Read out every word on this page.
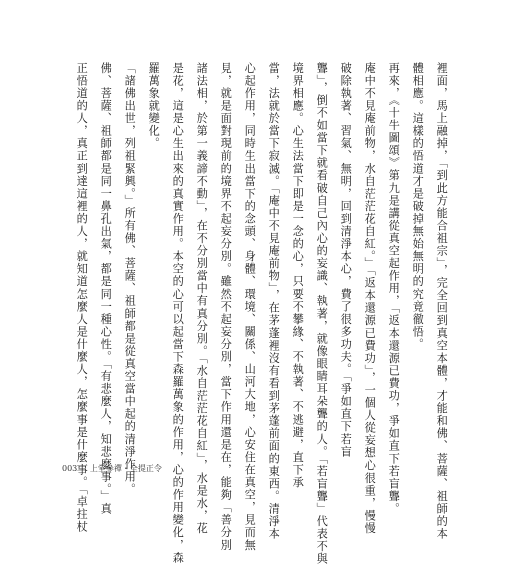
裡面，馬上融掉，「到此方能合祖宗」，完全回到真空本體，才能和佛、菩薩、祖師的本
體相應。這樣的悟道才是破掉無始無明的究竟徹悟。
再來，《十牛圖頌》第九是講從真空起作用，「返本還源已費功，爭如直下若盲聾。
庵中不見庵前物，水自茫茫花自紅。」「返本還源已費功」，一個人從妄想心很重，慢慢
破除執著、習氣、無明，回到清淨本心，費了很多功夫。「爭如直下若盲
聾」，倒不如當下就看破自己內心的妄識、執著，就像眼睛耳朵聾的人。「若盲聾」代表不與
境界相應。心生法當下即是一念的心，只要不攀緣、不執著、不逃避，直下承
當，法就於當下寂滅。「庵中不見庵前物」，在茅蓬裡沒有看到茅蓬前面的東西。清淨本
心起作用，同時生出當下的念頭、身體、環境、關係、山河大地，心安住在真空，見而無
見，就是面對現前的境界不起妄分別。雖然不起妄分別，當下作用還是在，能夠「善分別
諸法相，於第一義諦不動」，在不分別當中有真分別。「水自茫茫花自紅」，水是水，花
是花，這是心生出來的真實作用。本空的心可以起當下森羅萬象的作用，心的作用變化，森
羅萬象就變化。
「諸佛出世，列祖緊興。」所有佛、菩薩、祖師都是從真空當中起的清淨作用。
佛、菩薩、祖師都是同一鼻孔出氣，都是同一種心性。「有悲麼人，知悲麼事。」真
正悟道的人，真正到達這裡的人，就知道怎麼人是什麼人，怎麼事是什麼事。「卓拄杖
003 上堂參禪・全提正令
